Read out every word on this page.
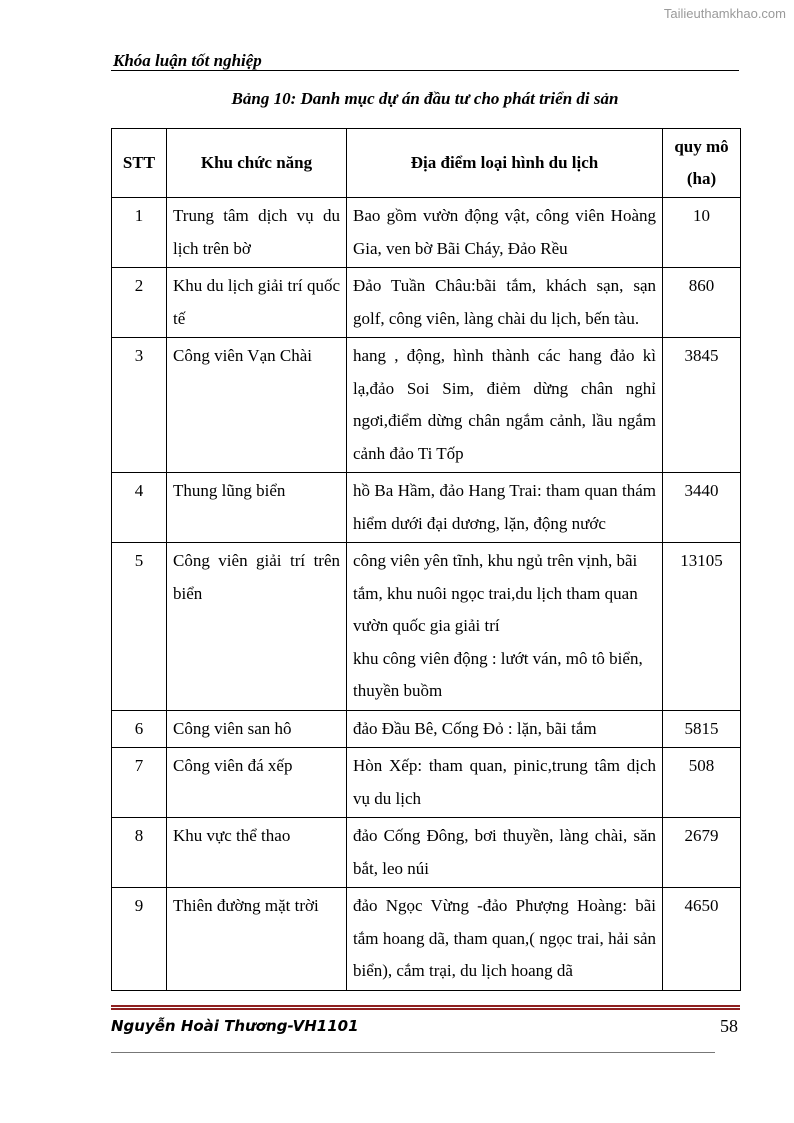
Tailieuthamkhao.com
Khóa luận tốt nghiệp
Bảng 10: Danh mục dự án đầu tư cho phát triển di sản
STT	Khu chức năng	Địa điểm loại hình du lịch	quy mô
(ha)

1	Trung tâm dịch vụ du lịch trên bờ	Bao gồm vườn động vật, công viên Hoàng Gia, ven bờ Bãi Cháy, Đảo Rều	10
2	Khu du lịch giải trí quốc tế	Đảo Tuần Châu:bãi tắm, khách sạn, sạn golf, công viên, làng chài du lịch, bến tàu.	860
3	Công viên Vạn Chài	hang , động, hình thành các hang đảo kì lạ,đảo Soi Sim, điẻm dừng chân nghỉ ngơi,điểm dừng chân ngắm cảnh, lầu ngắm cảnh đảo Ti Tốp	3845
4	Thung lũng biển	hồ Ba Hầm, đảo Hang Trai: tham quan thám hiểm dưới đại dương, lặn, động nước	3440
5	Công viên giải trí trên biển	công viên yên tĩnh, khu ngủ trên vịnh, bãi tắm, khu nuôi ngọc trai,du lịch tham quan vườn quốc gia giải trí
khu công viên động : lướt ván, mô tô biển, thuyền buồm	13105
6	Công viên san hô	đảo Đầu Bê, Cống Đỏ : lặn, bãi tắm	5815
7	Công viên đá xếp	Hòn Xếp: tham quan, pinic,trung tâm dịch vụ du lịch	508
8	Khu vực thể thao	đảo Cống Đông, bơi thuyền, làng chài, săn bắt, leo núi	2679
9	Thiên đường mặt trời	đảo Ngọc Vừng -đảo Phượng Hoàng: bãi tắm hoang dã, tham quan,( ngọc trai, hải sản biển), cắm trại, du lịch hoang dã	4650
Nguyễn Hoài Thương-VH1101	58
